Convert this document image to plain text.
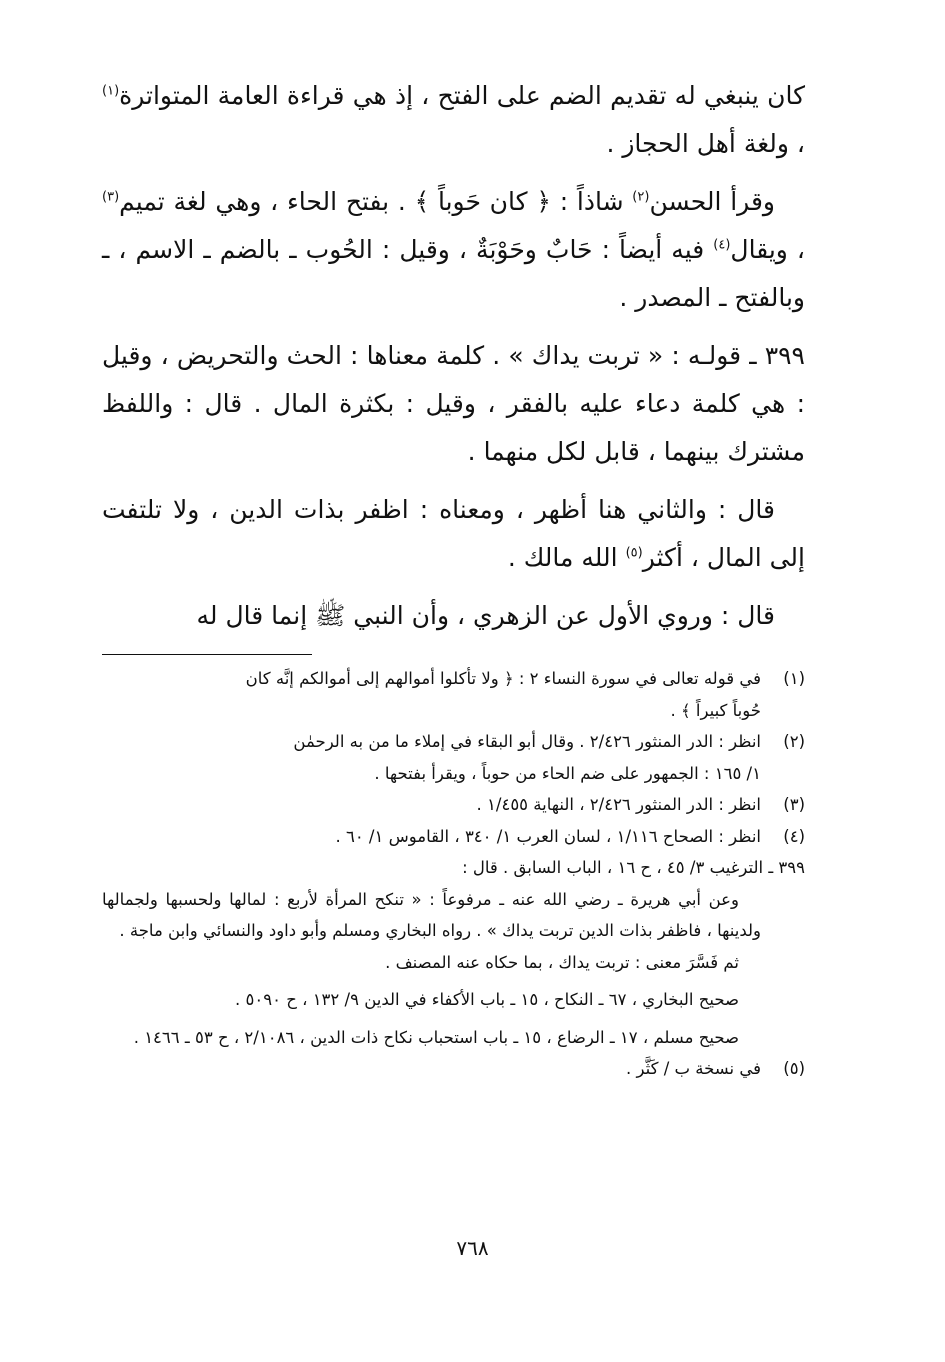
كان ينبغي له تقديم الضم على الفتح ، إذ هي قراءة العامة المتواترة$^{(١)}$ ، ولغة أهل الحجاز .

وقرأ الحسن$^{(٢)}$ شاذاً : ﴿ كان حَوباً ﴾ . بفتح الحاء ، وهي لغة تميم$^{(٣)}$ ، ويقال$^{(٤)}$ فيه أيضاً : حَابٌ وحَوْبَةٌ ، وقيل : الحُوب ـ بالضم ـ الاسم ، ـ وبالفتح ـ المصدر .

٣٩٩ ـ قولـه : « تربت يداك » . كلمة معناها : الحث والتحريض ، وقيل : هي كلمة دعاء عليه بالفقر ، وقيل : بكثرة المال . قال : واللفظ مشترك بينهما ، قابل لكل منهما .

قال : والثاني هنا أظهر ، ومعناه : اظفر بذات الدين ، ولا تلتفت إلى المال ، أكثر$^{(٥)}$ الله مالك .

قال : وروي الأول عن الزهري ، وأن النبي ﷺ إنما قال له

(١)
في قوله تعالى في سورة النساء ٢ : ﴿ ولا تأكلوا أموالهم إلى أموالكم إنَّه كان
حُوباً كبيراً ﴾ .
(٢)
انظر : الدر المنثور ٢/٤٢٦ . وقال أبو البقاء في إملاء ما من به الرحمٰن
١/ ١٦٥ : الجمهور على ضم الحاء من حوباً ، ويقرأ بفتحها .
(٣)
انظر : الدر المنثور ٢/٤٢٦ ، النهاية ١/٤٥٥ .
(٤)
انظر : الصحاح ١/١١٦ ، لسان العرب ١/ ٣٤٠ ، القاموس ١/ ٦٠ .
٣٩٩ ـ الترغيب ٣/ ٤٥ ، ح ١٦ ، الباب السابق . قال :
وعن أبي هريرة ـ رضي الله عنه ـ مرفوعاً : « تنكح المرأة لأربع : لمالها ولحسبها ولجمالها ولدينها ، فاظفر بذات الدين تربت يداك » . رواه البخاري ومسلم وأبو داود والنسائي وابن ماجة .
ثم فَسَّرَ معنى : تربت يداك ، بما حكاه عنه المصنف .
صحيح البخاري ، ٦٧ ـ النكاح ، ١٥ ـ باب الأكفاء في الدين ٩/ ١٣٢ ، ح ٥٠٩٠ .
صحيح مسلم ، ١٧ ـ الرضاع ، ١٥ ـ باب استحباب نكاح ذات الدين ، ٢/١٠٨٦ ، ح ٥٣ ـ ١٤٦٦ .
(٥)
في نسخة ب / كَثَّر .
٧٦٨
